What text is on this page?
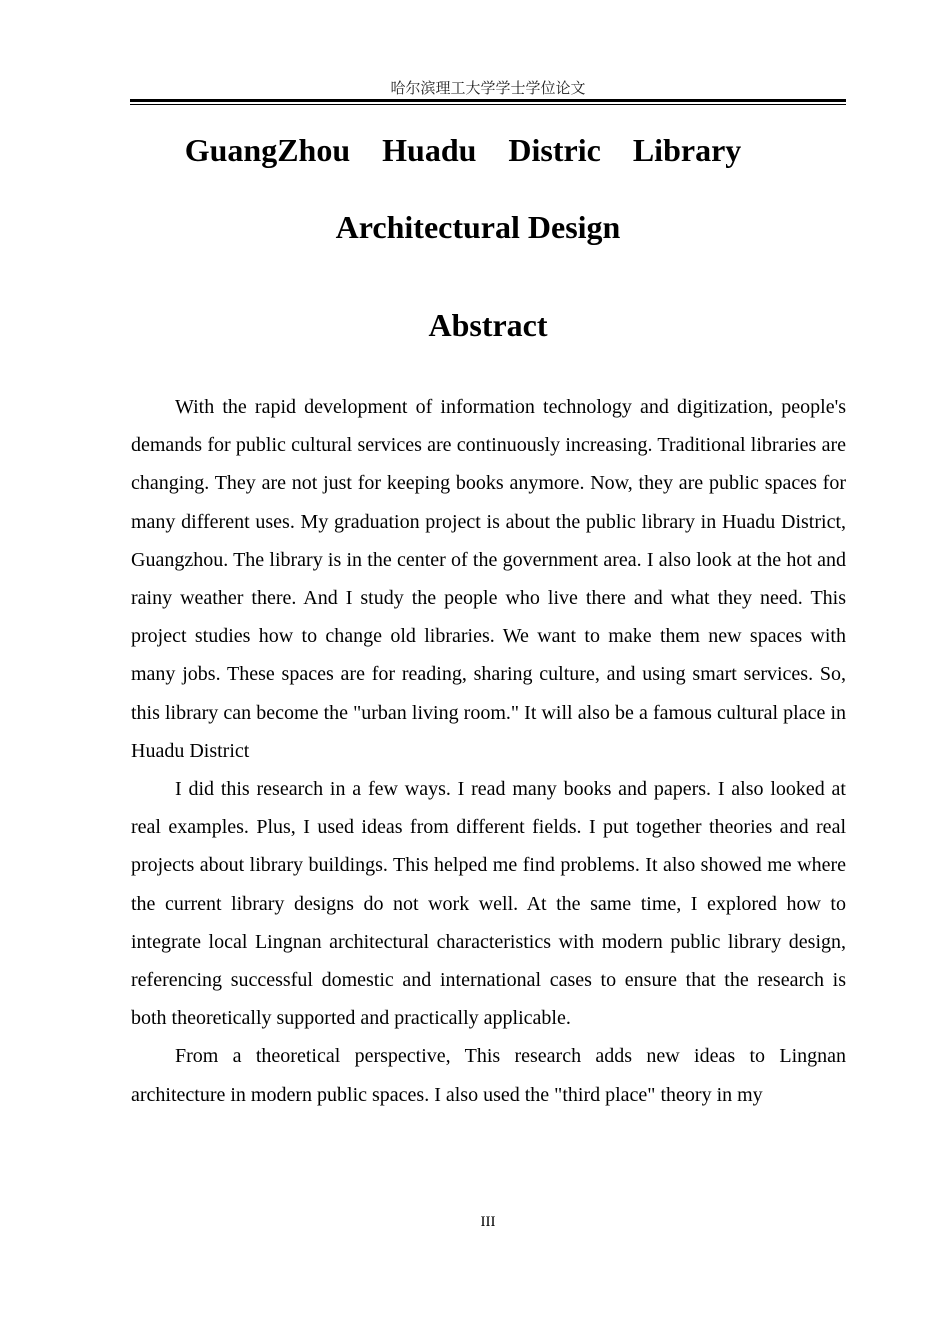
哈尔滨理工大学学士学位论文
GuangZhou  Huadu  Distric  Library
Architectural Design
Abstract

With the rapid development of information technology and digitization, people's demands for public cultural services are continuously increasing. Traditional libraries are changing. They are not just for keeping books anymore. Now, they are public spaces for many different uses. My graduation project is about the public library in Huadu District, Guangzhou. The library is in the center of the government area. I also look at the hot and rainy weather there. And I study the people who live there and what they need. This project studies how to change old libraries. We want to make them new spaces with many jobs. These spaces are for reading, sharing culture, and using smart services. So, this library can become the "urban living room." It will also be a famous cultural place in Huadu District

I did this research in a few ways. I read many books and papers. I also looked at real examples. Plus, I used ideas from different fields. I put together theories and real projects about library buildings. This helped me find problems. It also showed me where the current library designs do not work well. At the same time, I explored how to integrate local Lingnan architectural characteristics with modern public library design, referencing successful domestic and international cases to ensure that the research is both theoretically supported and practically applicable.

From a theoretical perspective, This research adds new ideas to Lingnan architecture in modern public spaces. I also used the "third place" theory in my

III
